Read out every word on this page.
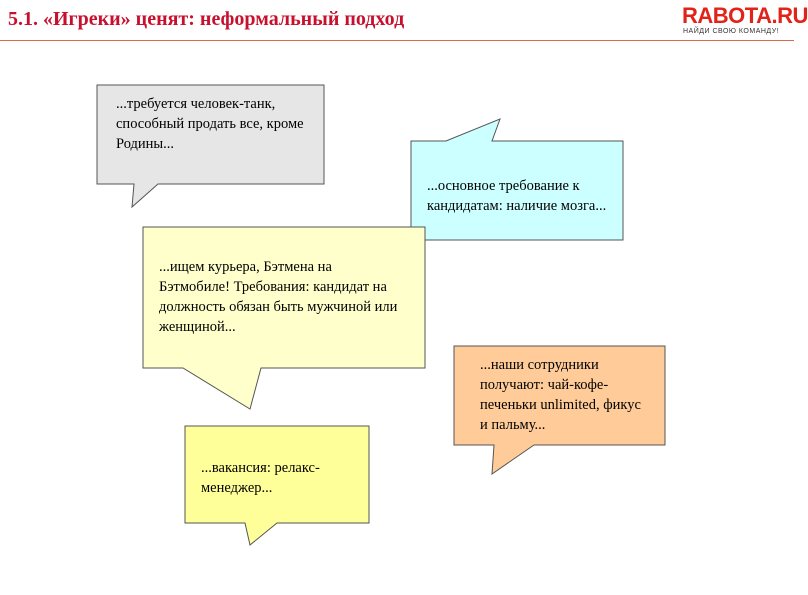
5.1. «Игреки» ценят: неформальный подход	RABOTA.RU
НАЙДИ СВОЮ КОМАНДУ!
...требуется человек-танк, способный продать все, кроме Родины...
...основное требование к кандидатам: наличие мозга...
...ищем курьера, Бэтмена на Бэтмобиле! Требования: кандидат на должность обязан быть мужчиной или женщиной...
...наши сотрудники получают: чай-кофе-печеньки unlimited, фикус и пальму...
...вакансия: релакс-менеджер...
